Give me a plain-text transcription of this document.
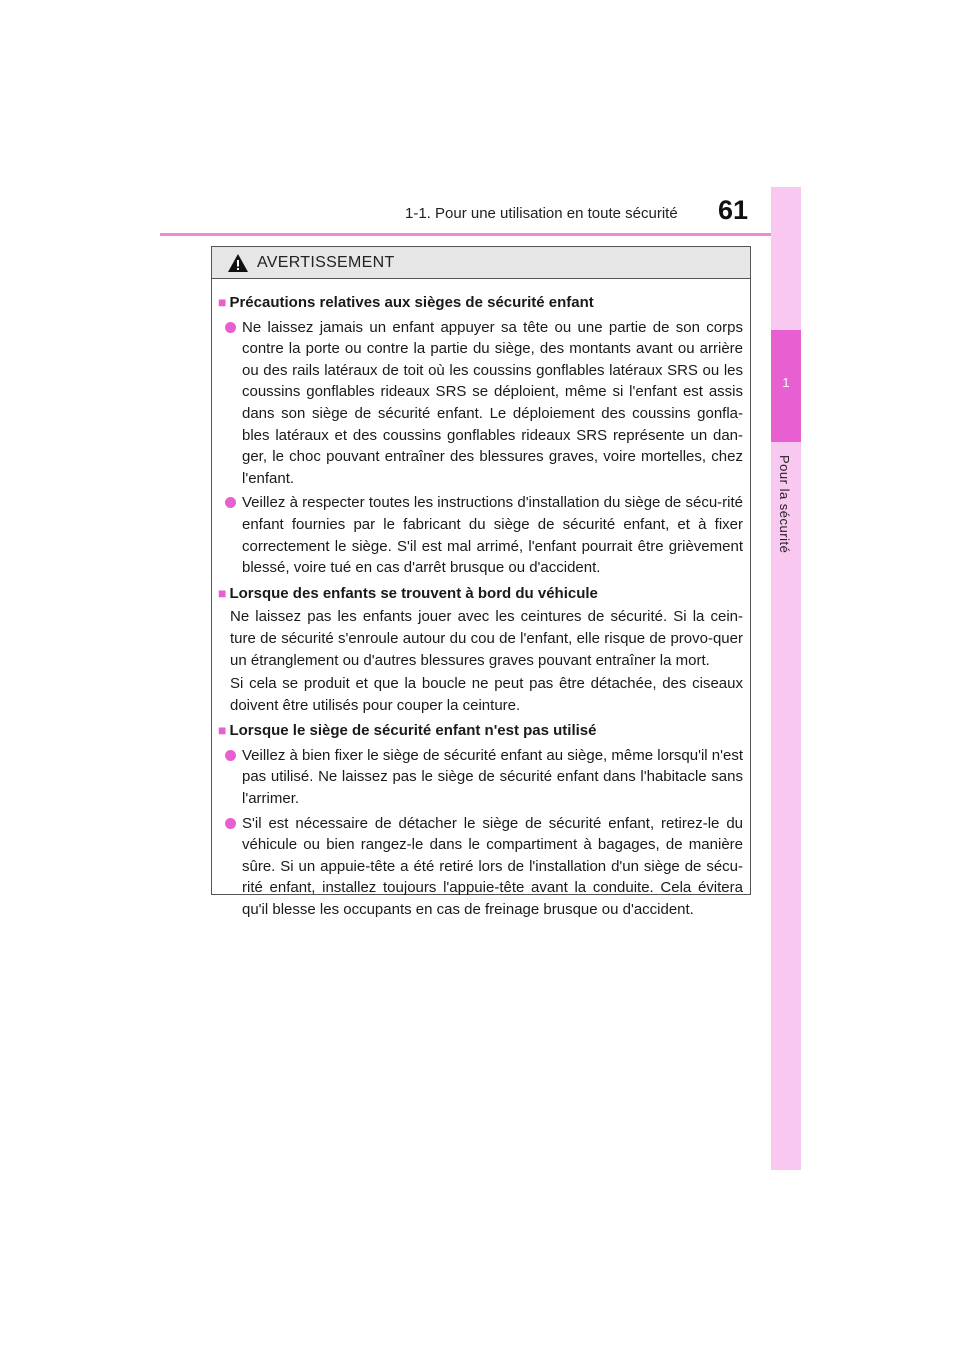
1-1. Pour une utilisation en toute sécurité 61
1
Pour la sécurité
AVERTISSEMENT
■ Précautions relatives aux sièges de sécurité enfant
Ne laissez jamais un enfant appuyer sa tête ou une partie de son corps contre la porte ou contre la partie du siège, des montants avant ou arrière ou des rails latéraux de toit où les coussins gonflables latéraux SRS ou les coussins gonflables rideaux SRS se déploient, même si l'enfant est assis dans son siège de sécurité enfant. Le déploiement des coussins gonfla-bles latéraux et des coussins gonflables rideaux SRS représente un dan-ger, le choc pouvant entraîner des blessures graves, voire mortelles, chez l'enfant.
Veillez à respecter toutes les instructions d'installation du siège de sécu-rité enfant fournies par le fabricant du siège de sécurité enfant, et à fixer correctement le siège. S'il est mal arrimé, l'enfant pourrait être grièvement blessé, voire tué en cas d'arrêt brusque ou d'accident.
■ Lorsque des enfants se trouvent à bord du véhicule
Ne laissez pas les enfants jouer avec les ceintures de sécurité. Si la cein-ture de sécurité s'enroule autour du cou de l'enfant, elle risque de provo-quer un étranglement ou d'autres blessures graves pouvant entraîner la mort.
Si cela se produit et que la boucle ne peut pas être détachée, des ciseaux doivent être utilisés pour couper la ceinture.
■ Lorsque le siège de sécurité enfant n'est pas utilisé
Veillez à bien fixer le siège de sécurité enfant au siège, même lorsqu'il n'est pas utilisé. Ne laissez pas le siège de sécurité enfant dans l'habitacle sans l'arrimer.
S'il est nécessaire de détacher le siège de sécurité enfant, retirez-le du véhicule ou bien rangez-le dans le compartiment à bagages, de manière sûre. Si un appuie-tête a été retiré lors de l'installation d'un siège de sécu-rité enfant, installez toujours l'appuie-tête avant la conduite. Cela évitera qu'il blesse les occupants en cas de freinage brusque ou d'accident.
